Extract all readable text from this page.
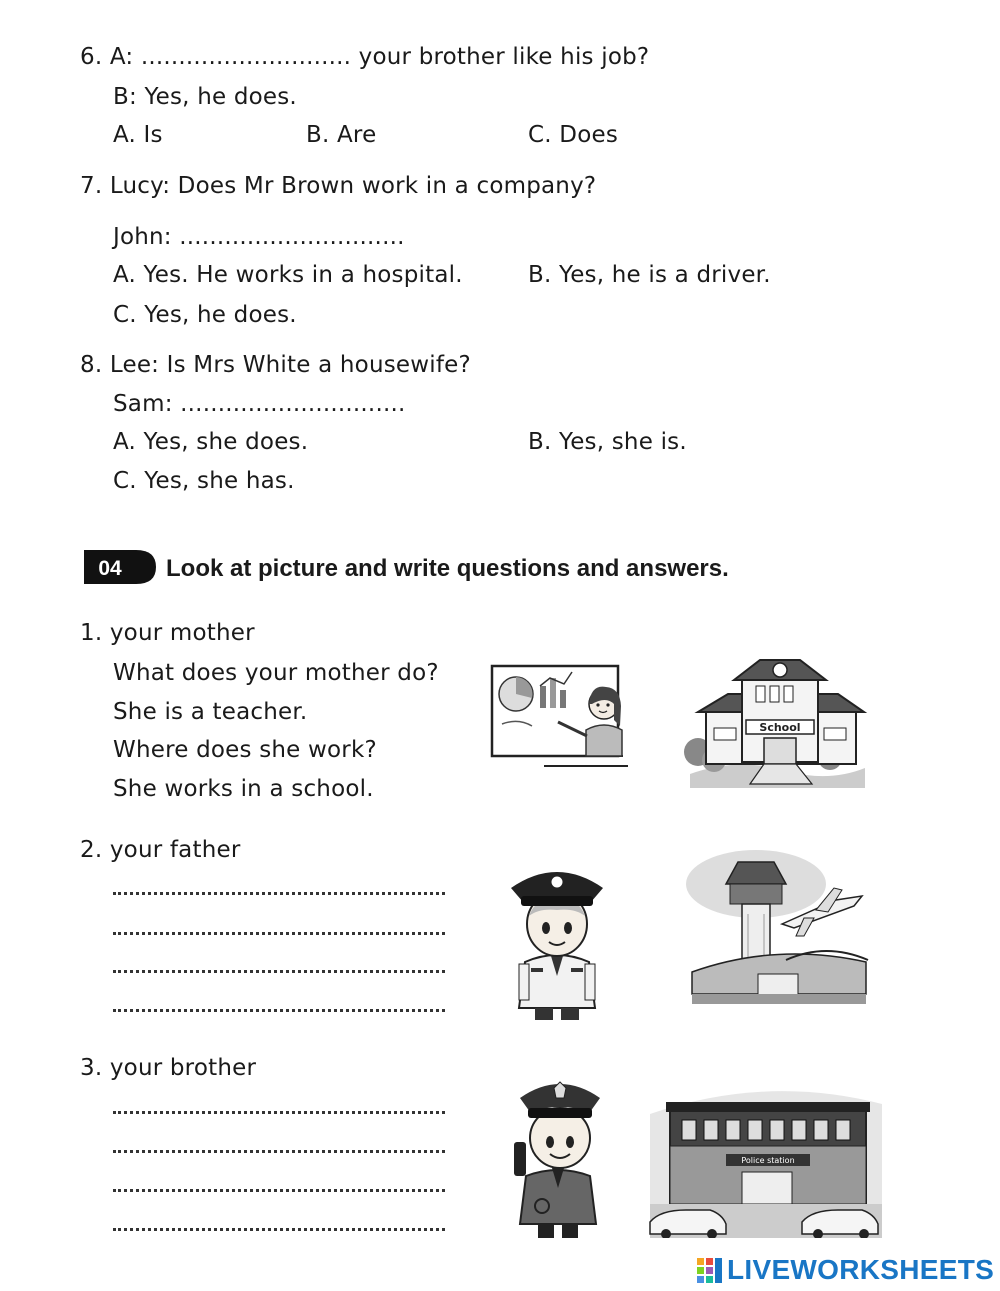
6. A: ............................ your brother like his job?
B: Yes, he does.
A. Is	B. Are	C. Does
7. Lucy: Does Mr Brown work in a company?
John: ..............................
A. Yes. He works in a hospital.	B. Yes, he is a driver.
C. Yes, he does.
8. Lee: Is Mrs White a housewife?
Sam: ..............................
A. Yes, she does.	B. Yes, she is.
C. Yes, she has.
04 Look at picture and write questions and answers.
1. your mother
What does your mother do?
She is a teacher.
Where does she work?
She works in a school.
School
2. your father
3. your brother
Police station
LIVEWORKSHEETS
